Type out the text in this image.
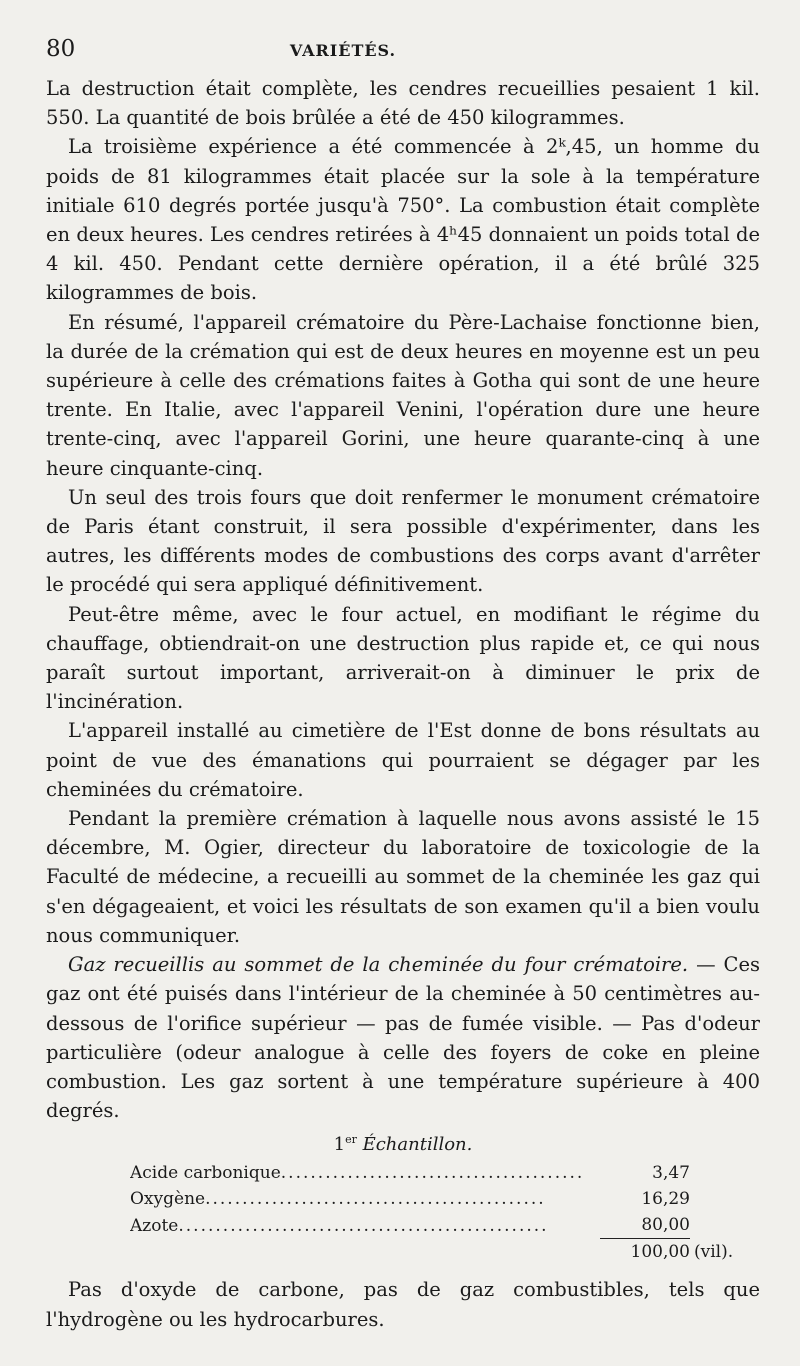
80	VARIÉTÉS.

La destruction était complète, les cendres recueillies pesaient 1 kil. 550. La quantité de bois brûlée a été de 450 kilogrammes.

La troisième expérience a été commencée à 2ᵏ,45, un homme du poids de 81 kilogrammes était placée sur la sole à la température initiale 610 degrés portée jusqu'à 750°. La combustion était complète en deux heures. Les cendres retirées à 4ʰ45 donnaient un poids total de 4 kil. 450. Pendant cette dernière opération, il a été brûlé 325 kilogrammes de bois.

En résumé, l'appareil crématoire du Père-Lachaise fonctionne bien, la durée de la crémation qui est de deux heures en moyenne est un peu supérieure à celle des crémations faites à Gotha qui sont de une heure trente. En Italie, avec l'appareil Venini, l'opération dure une heure trente-cinq, avec l'appareil Gorini, une heure quarante-cinq à une heure cinquante-cinq.

Un seul des trois fours que doit renfermer le monument crématoire de Paris étant construit, il sera possible d'expérimenter, dans les autres, les différents modes de combustions des corps avant d'arrêter le procédé qui sera appliqué définitivement.

Peut-être même, avec le four actuel, en modifiant le régime du chauffage, obtiendrait-on une destruction plus rapide et, ce qui nous paraît surtout important, arriverait-on à diminuer le prix de l'incinération.

L'appareil installé au cimetière de l'Est donne de bons résultats au point de vue des émanations qui pourraient se dégager par les cheminées du crématoire.

Pendant la première crémation à laquelle nous avons assisté le 15 décembre, M. Ogier, directeur du laboratoire de toxicologie de la Faculté de médecine, a recueilli au sommet de la cheminée les gaz qui s'en dégageaient, et voici les résultats de son examen qu'il a bien voulu nous communiquer.

Gaz recueillis au sommet de la cheminée du four crématoire. — Ces gaz ont été puisés dans l'intérieur de la cheminée à 50 centimètres au-dessous de l'orifice supérieur — pas de fumée visible. — Pas d'odeur particulière (odeur analogue à celle des foyers de coke en pleine combustion. Les gaz sortent à une température supérieure à 400 degrés.

1er Échantillon.
Acide carbonique.........................................	3,47	
Oxygène..............................................	16,29	
Azote..................................................	80,00	
	100,00	(vil).

Pas d'oxyde de carbone, pas de gaz combustibles, tels que l'hydrogène ou les hydrocarbures.
